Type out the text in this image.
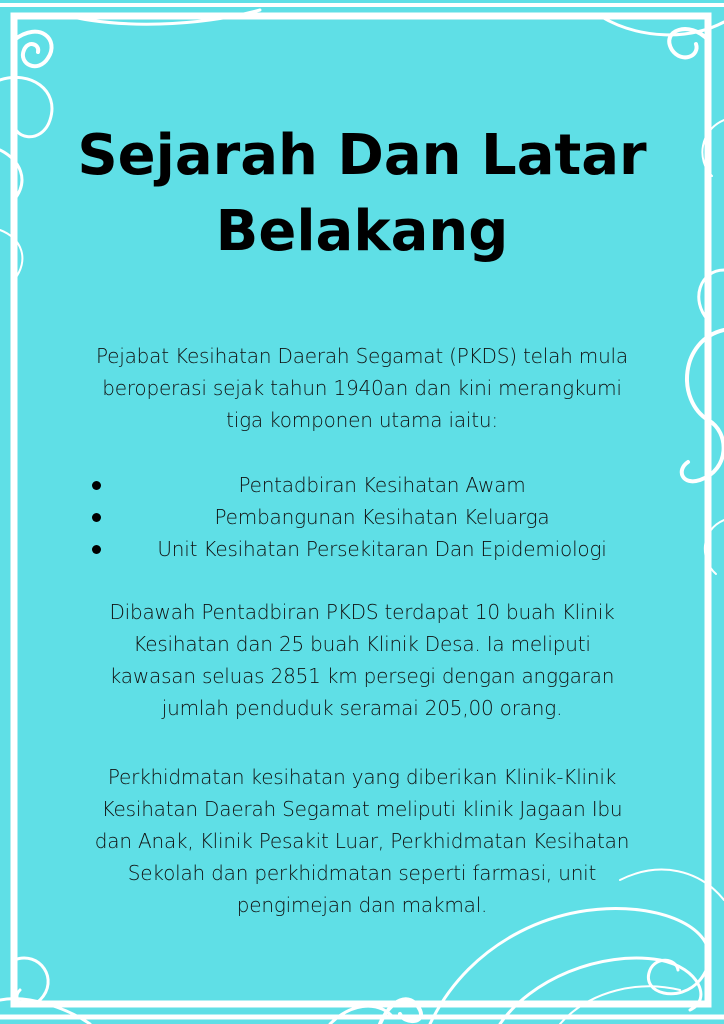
Sejarah Dan Latar
Belakang
Pejabat Kesihatan Daerah Segamat (PKDS) telah mula
beroperasi sejak tahun 1940an dan kini merangkumi
tiga komponen utama iaitu:
Pentadbiran Kesihatan Awam
Pembangunan Kesihatan Keluarga
Unit Kesihatan Persekitaran Dan Epidemiologi
Dibawah Pentadbiran PKDS terdapat 10 buah Klinik
Kesihatan dan 25 buah Klinik Desa. Ia meliputi
kawasan seluas 2851 km persegi dengan anggaran
jumlah penduduk seramai 205,00 orang.
Perkhidmatan kesihatan yang diberikan Klinik-Klinik
Kesihatan Daerah Segamat meliputi klinik Jagaan Ibu
dan Anak, Klinik Pesakit Luar, Perkhidmatan Kesihatan
Sekolah dan perkhidmatan seperti farmasi, unit
pengimejan dan makmal.
